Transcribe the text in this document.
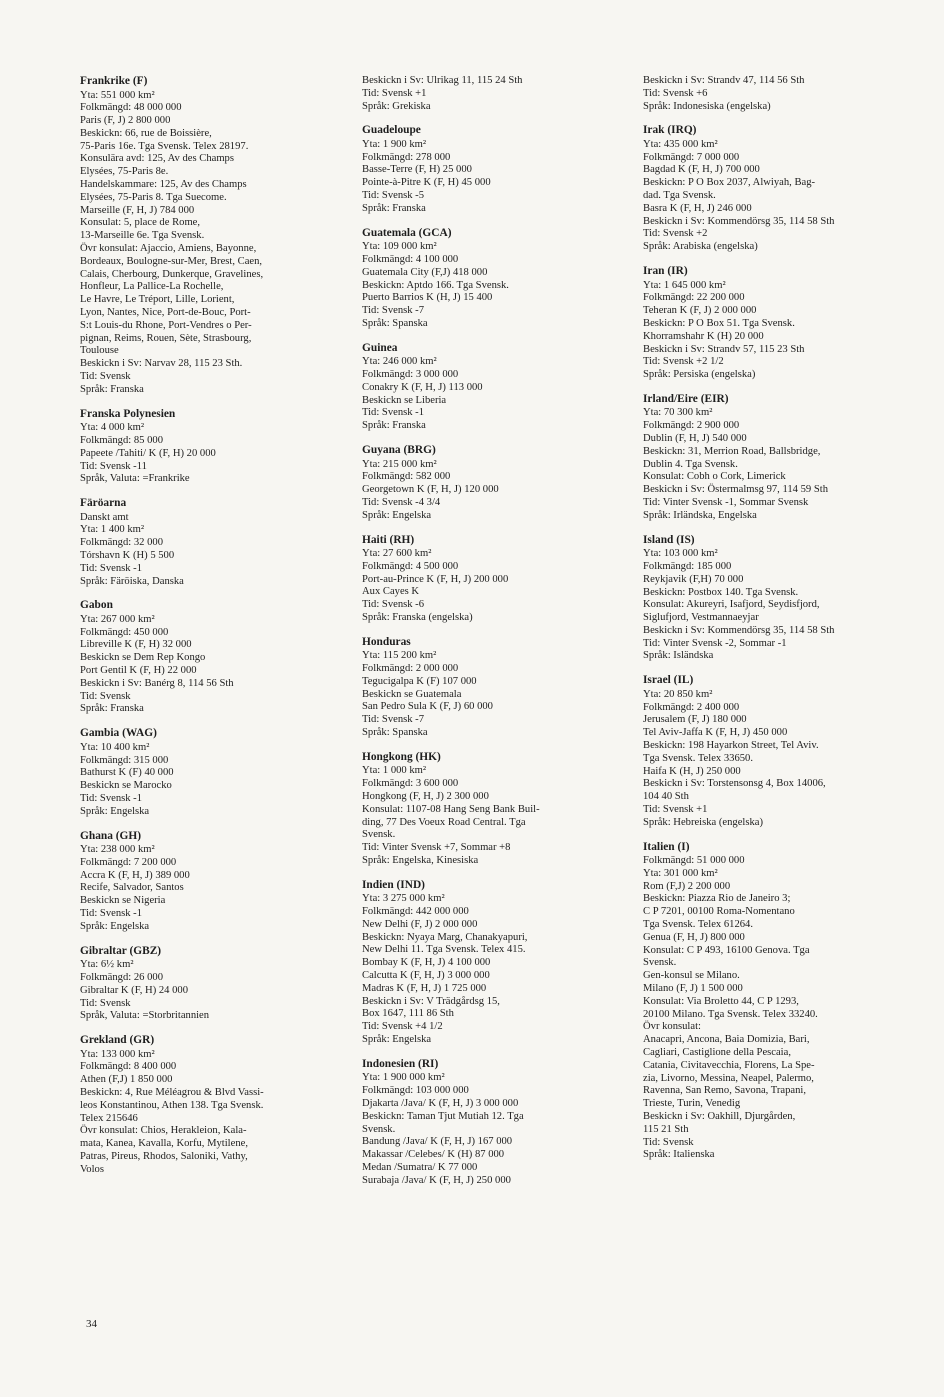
Frankrike (F)
Yta: 551 000 km²
Folkmängd: 48 000 000
Paris (F, J) 2 800 000
Beskickn: 66, rue de Boissière,
75-Paris 16e. Tga Svensk. Telex 28197.
Konsulära avd: 125, Av des Champs
Elysées, 75-Paris 8e.
Handelskammare: 125, Av des Champs
Elysées, 75-Paris 8. Tga Suecome.
Marseille (F, H, J) 784 000
Konsulat: 5, place de Rome,
13-Marseille 6e. Tga Svensk.
Övr konsulat: Ajaccio, Amiens, Bayonne,
Bordeaux, Boulogne-sur-Mer, Brest, Caen,
Calais, Cherbourg, Dunkerque, Gravelines,
Honfleur, La Pallice-La Rochelle,
Le Havre, Le Tréport, Lille, Lorient,
Lyon, Nantes, Nice, Port-de-Bouc, Port-
S:t Louis-du Rhone, Port-Vendres o Per-
pignan, Reims, Rouen, Sète, Strasbourg,
Toulouse
Beskickn i Sv: Narvav 28, 115 23 Sth.
Tid: Svensk
Språk: Franska
Franska Polynesien
Yta: 4 000 km²
Folkmängd: 85 000
Papeete /Tahiti/ K (F, H) 20 000
Tid: Svensk -11
Språk, Valuta: =Frankrike
Färöarna
Danskt amt
Yta: 1 400 km²
Folkmängd: 32 000
Tórshavn K (H) 5 500
Tid: Svensk -1
Språk: Färöiska, Danska
Gabon
Yta: 267 000 km²
Folkmängd: 450 000
Libreville K (F, H) 32 000
Beskickn se Dem Rep Kongo
Port Gentil K (F, H) 22 000
Beskickn i Sv: Banérg 8, 114 56 Sth
Tid: Svensk
Språk: Franska
Gambia (WAG)
Yta: 10 400 km²
Folkmängd: 315 000
Bathurst K (F) 40 000
Beskickn se Marocko
Tid: Svensk -1
Språk: Engelska
Ghana (GH)
Yta: 238 000 km²
Folkmängd: 7 200 000
Accra K (F, H, J) 389 000
Recife, Salvador, Santos
Beskickn se Nigeria
Tid: Svensk -1
Språk: Engelska
Gibraltar (GBZ)
Yta: 6½ km²
Folkmängd: 26 000
Gibraltar K (F, H) 24 000
Tid: Svensk
Språk, Valuta: =Storbritannien
Grekland (GR)
Yta: 133 000 km²
Folkmängd: 8 400 000
Athen (F,J) 1 850 000
Beskickn: 4, Rue Méléagrou & Blvd Vassi-
leos Konstantinou, Athen 138. Tga Svensk.
Telex 215646
Övr konsulat: Chios, Herakleion, Kala-
mata, Kanea, Kavalla, Korfu, Mytilene,
Patras, Pireus, Rhodos, Saloniki, Vathy,
Volos
Beskickn i Sv: Ulrikag 11, 115 24 Sth
Tid: Svensk +1
Språk: Grekiska
Guadeloupe
Yta: 1 900 km²
Folkmängd: 278 000
Basse-Terre (F, H) 25 000
Pointe-à-Pitre K (F, H) 45 000
Tid: Svensk -5
Språk: Franska
Guatemala (GCA)
Yta: 109 000 km²
Folkmängd: 4 100 000
Guatemala City (F,J) 418 000
Beskickn: Aptdo 166. Tga Svensk.
Puerto Barrios K (H, J) 15 400
Tid: Svensk -7
Språk: Spanska
Guinea
Yta: 246 000 km²
Folkmängd: 3 000 000
Conakry K (F, H, J) 113 000
Beskickn se Liberia
Tid: Svensk -1
Språk: Franska
Guyana (BRG)
Yta: 215 000 km²
Folkmängd: 582 000
Georgetown K (F, H, J) 120 000
Tid: Svensk -4 3/4
Språk: Engelska
Haiti (RH)
Yta: 27 600 km²
Folkmängd: 4 500 000
Port-au-Prince K (F, H, J) 200 000
Aux Cayes K
Tid: Svensk -6
Språk: Franska (engelska)
Honduras
Yta: 115 200 km²
Folkmängd: 2 000 000
Tegucigalpa K (F) 107 000
Beskickn se Guatemala
San Pedro Sula K (F, J) 60 000
Tid: Svensk -7
Språk: Spanska
Hongkong (HK)
Yta: 1 000 km²
Folkmängd: 3 600 000
Hongkong (F, H, J) 2 300 000
Konsulat: 1107-08 Hang Seng Bank Buil-
ding, 77 Des Voeux Road Central. Tga
Svensk.
Tid: Vinter Svensk +7, Sommar +8
Språk: Engelska, Kinesiska
Indien (IND)
Yta: 3 275 000 km²
Folkmängd: 442 000 000
New Delhi (F, J) 2 000 000
Beskickn: Nyaya Marg, Chanakyapuri,
New Delhi 11. Tga Svensk. Telex 415.
Bombay K (F, H, J) 4 100 000
Calcutta K (F, H, J) 3 000 000
Madras K (F, H, J) 1 725 000
Beskickn i Sv: V Trädgårdsg 15,
Box 1647, 111 86 Sth
Tid: Svensk +4 1/2
Språk: Engelska
Indonesien (RI)
Yta: 1 900 000 km²
Folkmängd: 103 000 000
Djakarta /Java/ K (F, H, J) 3 000 000
Beskickn: Taman Tjut Mutiah 12. Tga
Svensk.
Bandung /Java/ K (F, H, J) 167 000
Makassar /Celebes/ K (H) 87 000
Medan /Sumatra/ K 77 000
Surabaja /Java/ K (F, H, J) 250 000
Beskickn i Sv: Strandv 47, 114 56 Sth
Tid: Svensk +6
Språk: Indonesiska (engelska)
Irak (IRQ)
Yta: 435 000 km²
Folkmängd: 7 000 000
Bagdad K (F, H, J) 700 000
Beskickn: P O Box 2037, Alwiyah, Bag-
dad. Tga Svensk.
Basra K (F, H, J) 246 000
Beskickn i Sv: Kommendörsg 35, 114 58 Sth
Tid: Svensk +2
Språk: Arabiska (engelska)
Iran (IR)
Yta: 1 645 000 km²
Folkmängd: 22 200 000
Teheran K (F, J) 2 000 000
Beskickn: P O Box 51. Tga Svensk.
Khorramshahr K (H) 20 000
Beskickn i Sv: Strandv 57, 115 23 Sth
Tid: Svensk +2 1/2
Språk: Persiska (engelska)
Irland/Eire (EIR)
Yta: 70 300 km²
Folkmängd: 2 900 000
Dublin (F, H, J) 540 000
Beskickn: 31, Merrion Road, Ballsbridge,
Dublin 4. Tga Svensk.
Konsulat: Cobh o Cork, Limerick
Beskickn i Sv: Östermalmsg 97, 114 59 Sth
Tid: Vinter Svensk -1, Sommar Svensk
Språk: Irländska, Engelska
Island (IS)
Yta: 103 000 km²
Folkmängd: 185 000
Reykjavik (F,H) 70 000
Beskickn: Postbox 140. Tga Svensk.
Konsulat: Akureyri, Isafjord, Seydisfjord,
Siglufjord, Vestmannaeyjar
Beskickn i Sv: Kommendörsg 35, 114 58 Sth
Tid: Vinter Svensk -2, Sommar -1
Språk: Isländska
Israel (IL)
Yta: 20 850 km²
Folkmängd: 2 400 000
Jerusalem (F, J) 180 000
Tel Aviv-Jaffa K (F, H, J) 450 000
Beskickn: 198 Hayarkon Street, Tel Aviv.
Tga Svensk. Telex 33650.
Haifa K (H, J) 250 000
Beskickn i Sv: Torstensonsg 4, Box 14006,
104 40 Sth
Tid: Svensk +1
Språk: Hebreiska (engelska)
Italien (I)
Folkmängd: 51 000 000
Yta: 301 000 km²
Rom (F,J) 2 200 000
Beskickn: Piazza Rio de Janeiro 3;
C P 7201, 00100 Roma-Nomentano
Tga Svensk. Telex 61264.
Genua (F, H, J) 800 000
Konsulat: C P 493, 16100 Genova. Tga
Svensk.
Gen-konsul se Milano.
Milano (F, J) 1 500 000
Konsulat: Via Broletto 44, C P 1293,
20100 Milano. Tga Svensk. Telex 33240.
Övr konsulat:
Anacapri, Ancona, Baia Domizia, Bari,
Cagliari, Castiglione della Pescaia,
Catania, Civitavecchia, Florens, La Spe-
zia, Livorno, Messina, Neapel, Palermo,
Ravenna, San Remo, Savona, Trapani,
Trieste, Turin, Venedig
Beskickn i Sv: Oakhill, Djurgården,
115 21 Sth
Tid: Svensk
Språk: Italienska
34
